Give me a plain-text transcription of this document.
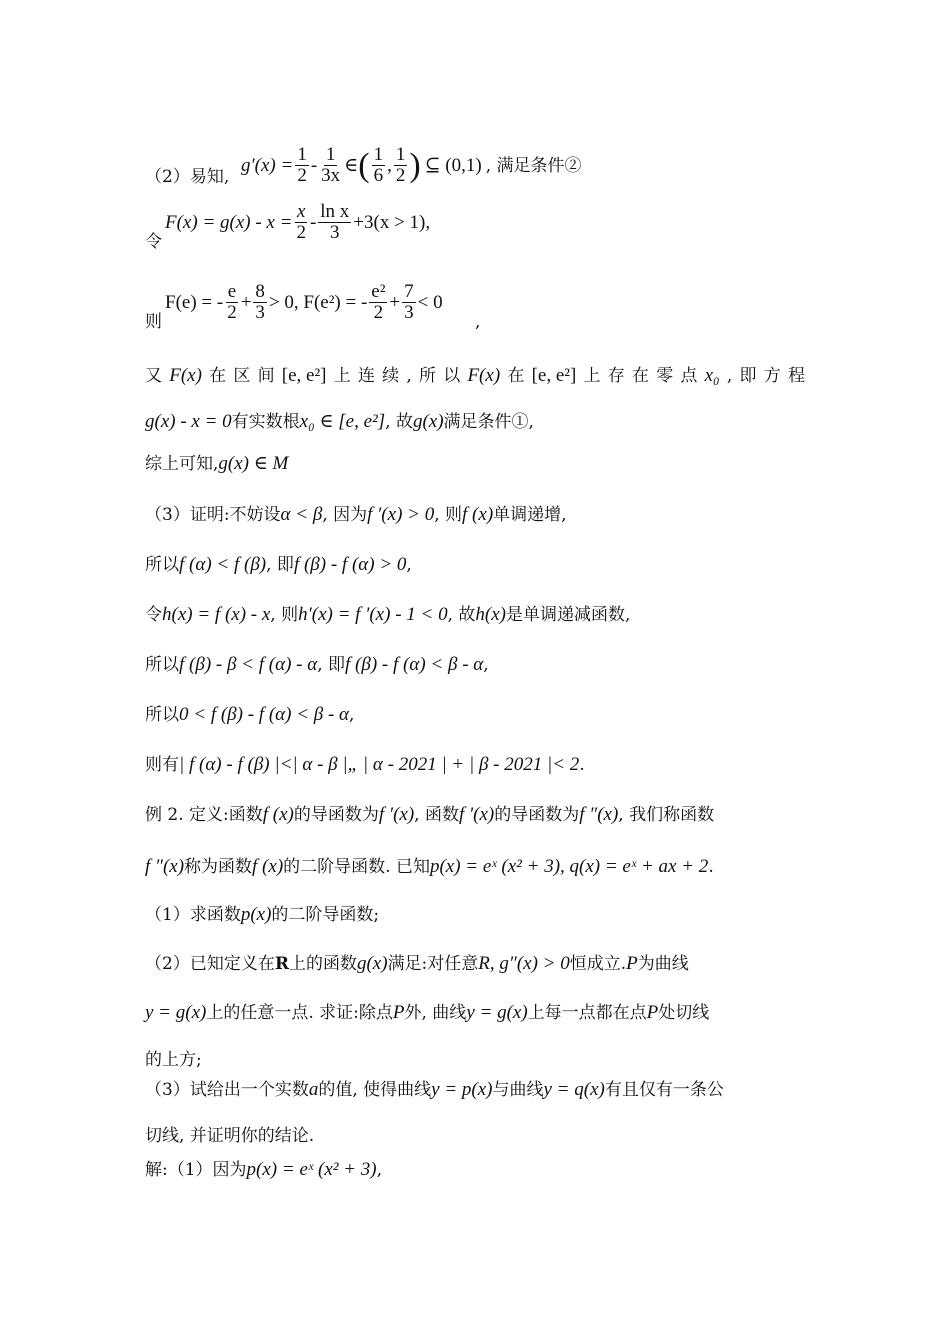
（2）易知,
$g'(x) = \frac{1}{2} - \frac{1}{3x}$ ∈ ( $\frac{1}{6}$ , $\frac{1}{2}$ ) ⊆ (0,1) , 满足条件②
令
$F(x) = g(x) - x = \frac{x}{2} - \frac{\text{ln x}}{3} +3(x > 1)$,
则
F(e) = - $\frac{e}{2} + \frac{8}{3} > 0$, F(e²) = - $\frac{\text{e²}}{2} + \frac{7}{3} < 0$
,
又 F(x) 在 区 间 [e, e²] 上 连 续 , 所 以 F(x) 在 [e, e²] 上 存 在 零 点 x₀ , 即 方 程
g(x) - x = 0有实数根x₀ ∈ [e, e²], 故g(x)满足条件①,
综上可知,g(x) ∈ M
（3）证明:不妨设α < β, 因为f ′(x) > 0, 则f (x)单调递增,
所以f (α) < f (β), 即f (β) - f (α) > 0,
令h(x) = f (x) - x, 则h′(x) = f ′(x) - 1 < 0, 故h(x)是单调递减函数,
所以f (β) - β < f (α) - α, 即f (β) - f (α) < β - α,
所以0 < f (β) - f (α) < β - α,
则有| f (α) - f (β) |<| α - β |„ | α - 2021 | + | β - 2021 |< 2.
例 2. 定义:函数f (x)的导函数为f ′(x), 函数f ′(x)的导函数为f ″(x), 我们称函数
f ″(x)称为函数f (x)的二阶导函数. 已知p(x) = eˣ (x² + 3), q(x) = eˣ + ax + 2.
（1）求函数p(x)的二阶导函数;
（2）已知定义在R上的函数g(x)满足:对任意R, g″(x) > 0恒成立.P为曲线
y = g(x)上的任意一点. 求证:除点P外, 曲线y = g(x)上每一点都在点P处切线
的上方;
（3）试给出一个实数a的值, 使得曲线y = p(x)与曲线y = q(x)有且仅有一条公
切线, 并证明你的结论.
解:（1）因为p(x) = eˣ (x² + 3),
